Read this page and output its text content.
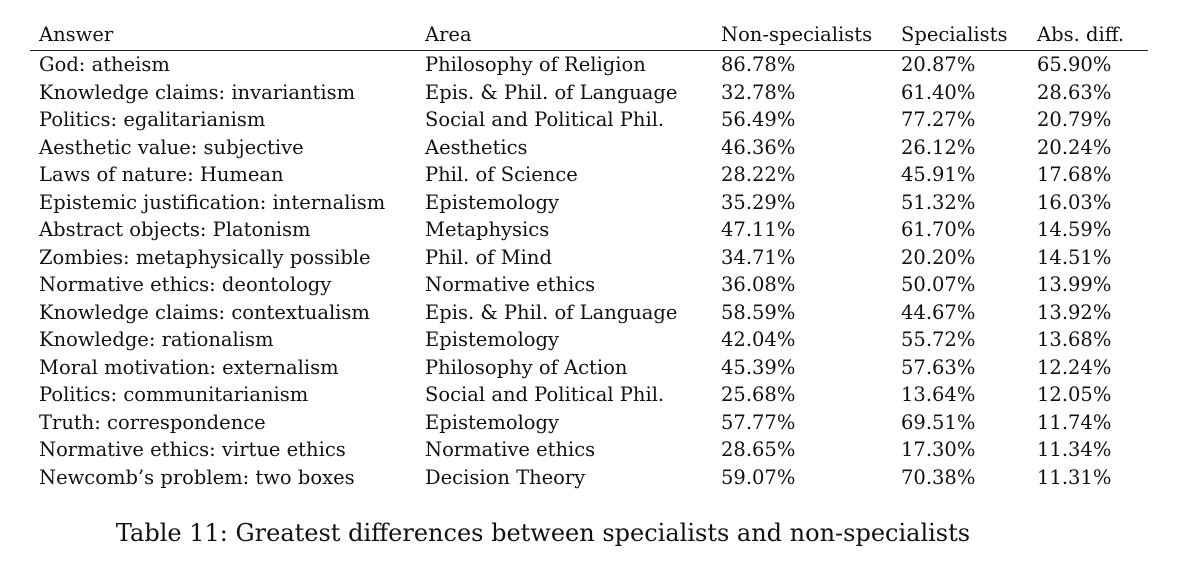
Answer	Area	Non-specialists	Specialists	Abs. diff.
God: atheism	Philosophy of Religion	86.78%	20.87%	65.90%
Knowledge claims: invariantism	Epis. & Phil. of Language	32.78%	61.40%	28.63%
Politics: egalitarianism	Social and Political Phil.	56.49%	77.27%	20.79%
Aesthetic value: subjective	Aesthetics	46.36%	26.12%	20.24%
Laws of nature: Humean	Phil. of Science	28.22%	45.91%	17.68%
Epistemic justification: internalism	Epistemology	35.29%	51.32%	16.03%
Abstract objects: Platonism	Metaphysics	47.11%	61.70%	14.59%
Zombies: metaphysically possible	Phil. of Mind	34.71%	20.20%	14.51%
Normative ethics: deontology	Normative ethics	36.08%	50.07%	13.99%
Knowledge claims: contextualism	Epis. & Phil. of Language	58.59%	44.67%	13.92%
Knowledge: rationalism	Epistemology	42.04%	55.72%	13.68%
Moral motivation: externalism	Philosophy of Action	45.39%	57.63%	12.24%
Politics: communitarianism	Social and Political Phil.	25.68%	13.64%	12.05%
Truth: correspondence	Epistemology	57.77%	69.51%	11.74%
Normative ethics: virtue ethics	Normative ethics	28.65%	17.30%	11.34%
Newcomb’s problem: two boxes	Decision Theory	59.07%	70.38%	11.31%
Table 11: Greatest differences between specialists and non-specialists
